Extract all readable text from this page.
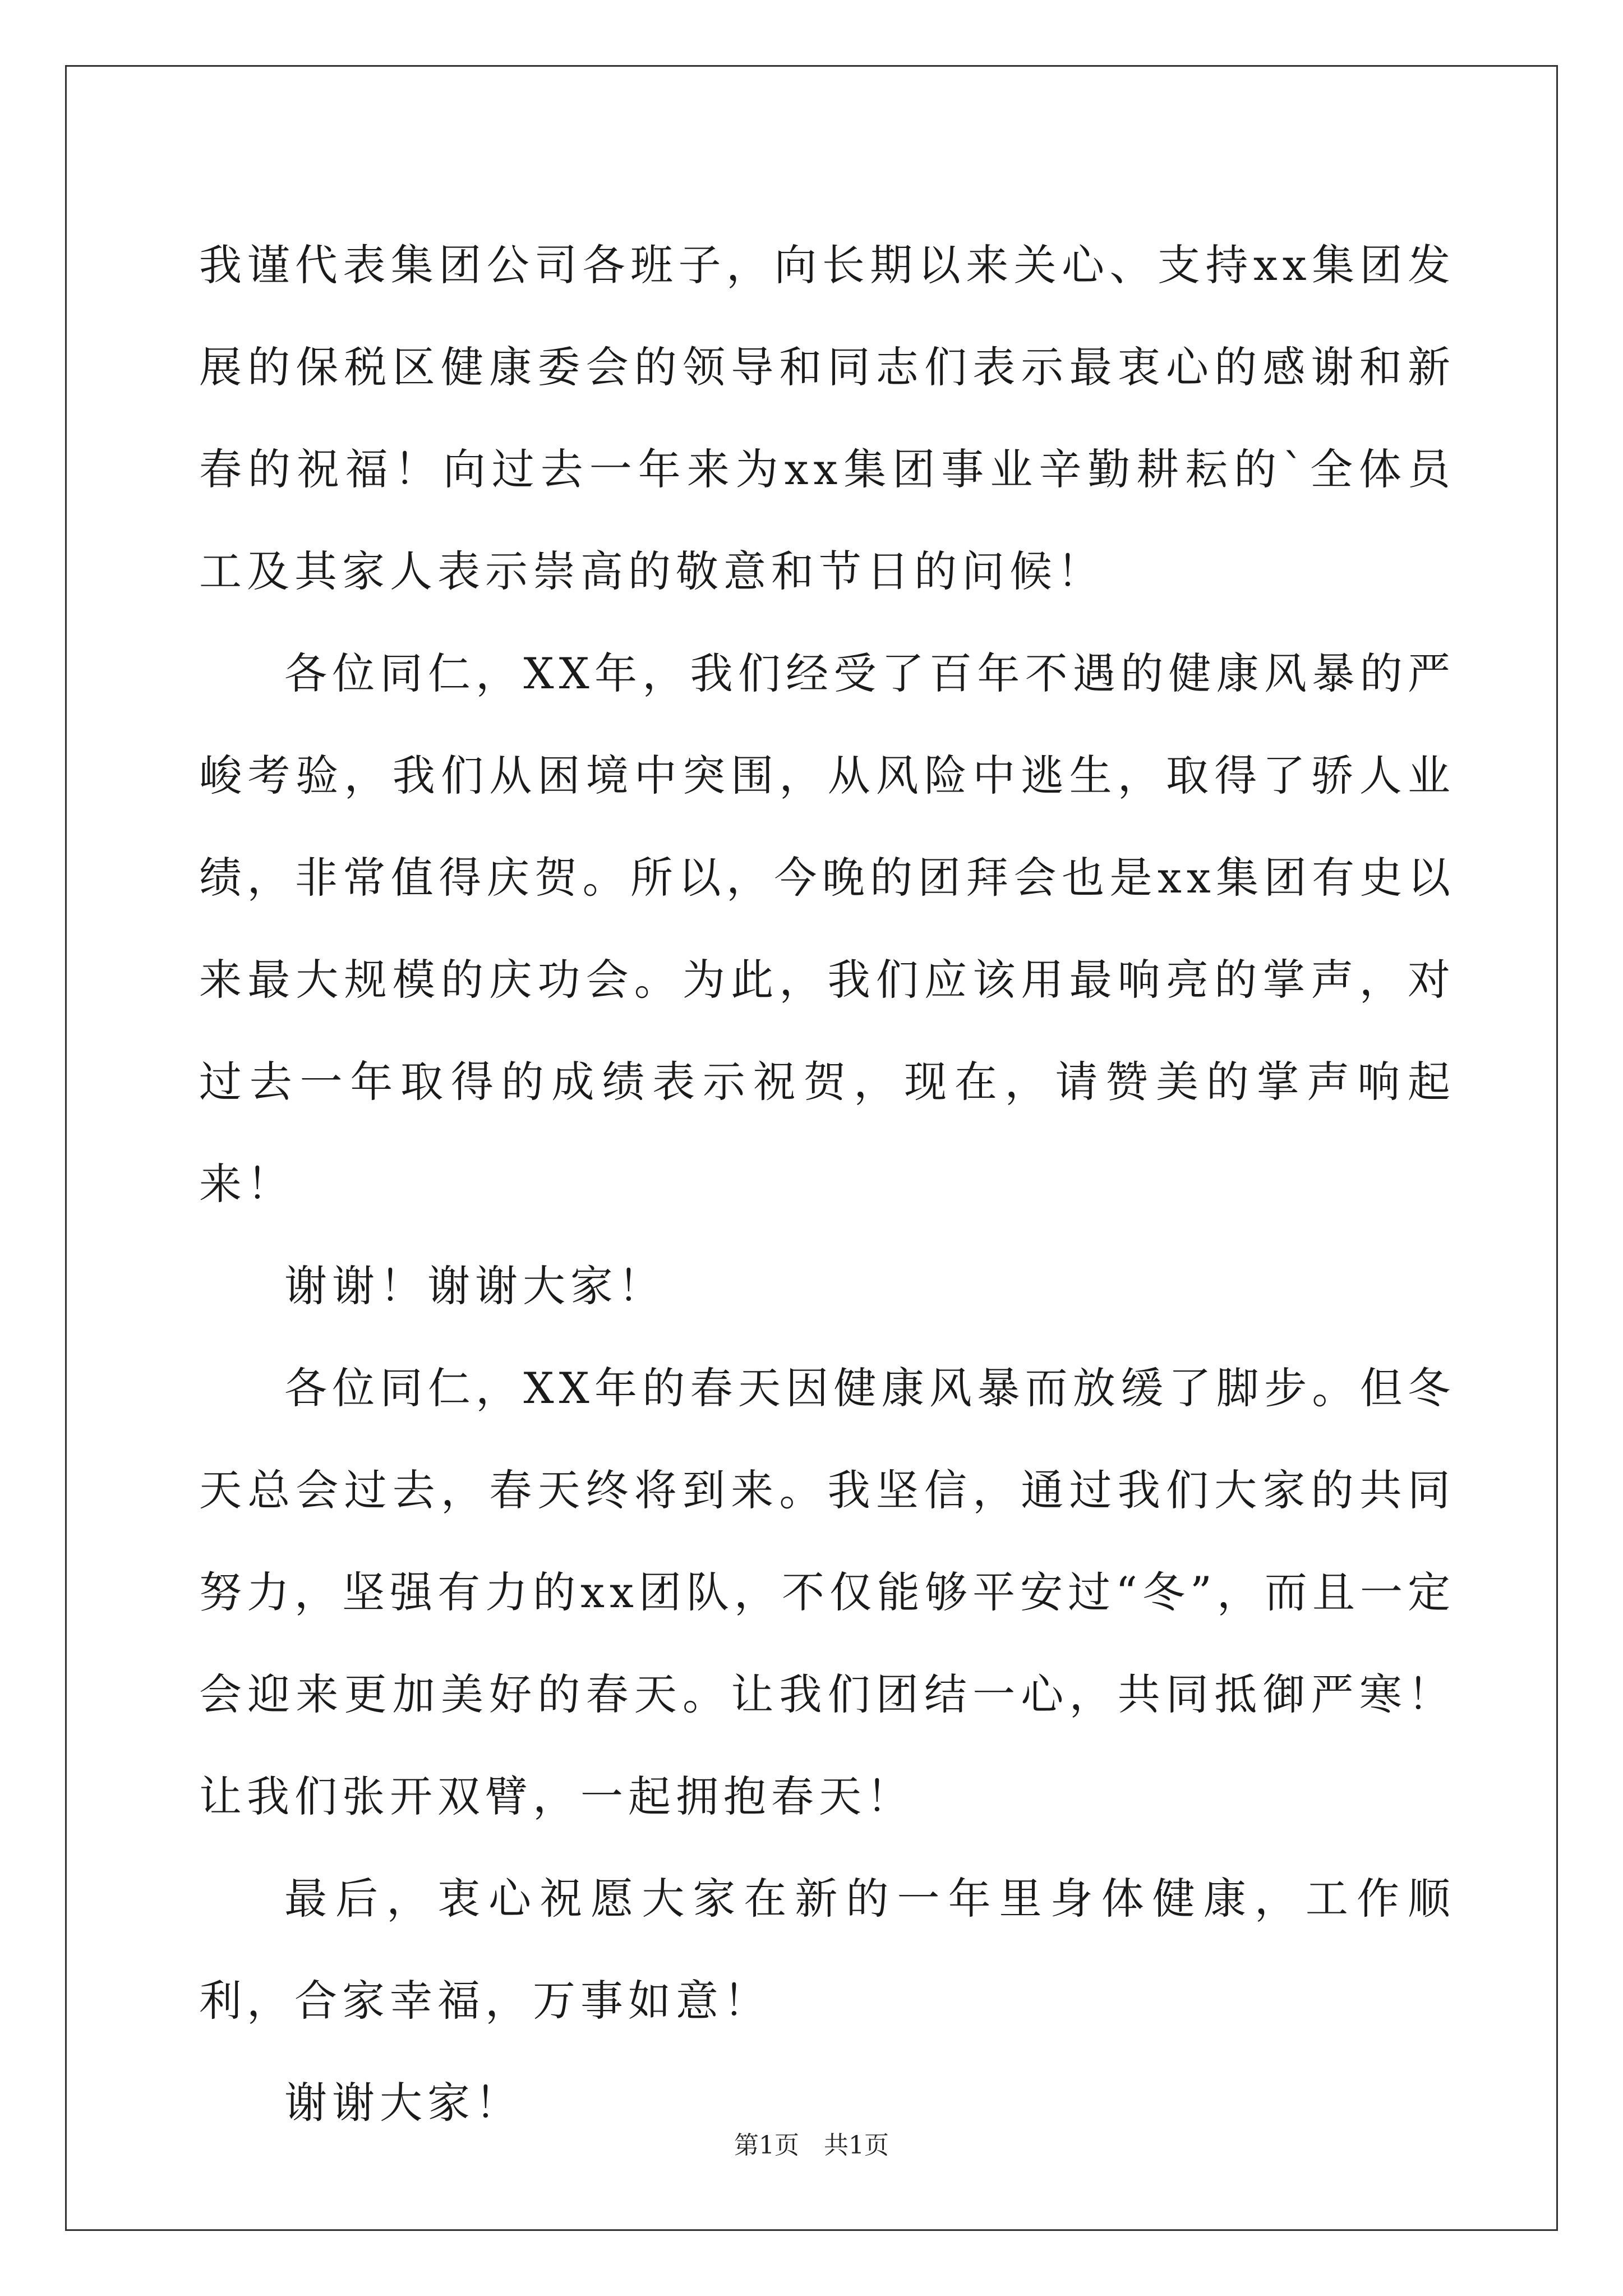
我谨代表集团公司各班子，向长期以来关心、支持xx集团发展的保税区健康委会的领导和同志们表示最衷心的感谢和新春的祝福！向过去一年来为xx集团事业辛勤耕耘的`全体员工及其家人表示崇高的敬意和节日的问候！

各位同仁，XX年，我们经受了百年不遇的健康风暴的严峻考验，我们从困境中突围，从风险中逃生，取得了骄人业绩，非常值得庆贺。所以，今晚的团拜会也是xx集团有史以来最大规模的庆功会。为此，我们应该用最响亮的掌声，对过去一年取得的成绩表示祝贺，现在，请赞美的掌声响起来！

谢谢！谢谢大家！

各位同仁，XX年的春天因健康风暴而放缓了脚步。但冬天总会过去，春天终将到来。我坚信，通过我们大家的共同努力，坚强有力的xx团队，不仅能够平安过“冬”，而且一定会迎来更加美好的春天。让我们团结一心，共同抵御严寒！让我们张开双臂，一起拥抱春天！

最后，衷心祝愿大家在新的一年里身体健康，工作顺利，合家幸福，万事如意！

谢谢大家！

第1页 共1页
